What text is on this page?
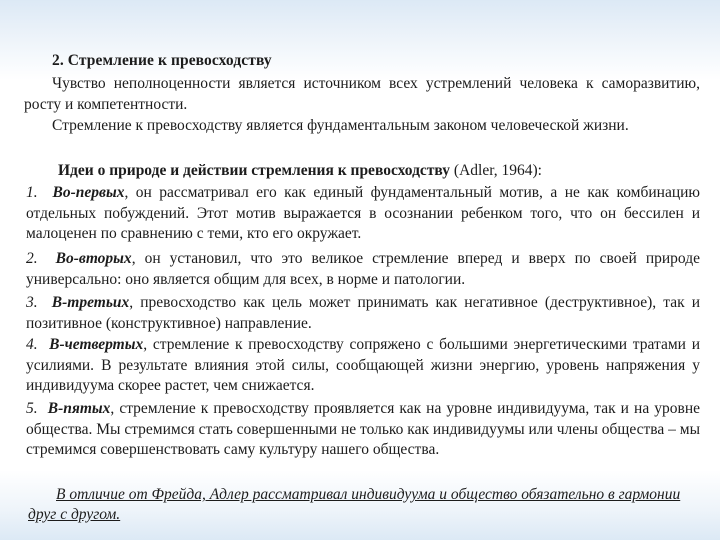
2. Стремление к превосходству
Чувство неполноценности является источником всех устремлений человека к саморазвитию, росту и компетентности.
Стремление к превосходству является фундаментальным законом человеческой жизни.
Идеи о природе и действии стремления к превосходству (Adler, 1964):
1. Во-первых, он рассматривал его как единый фундаментальный мотив, а не как комбинацию отдельных побуждений. Этот мотив выражается в осознании ребенком того, что он бессилен и малоценен по сравнению с теми, кто его окружает.
2. Во-вторых, он установил, что это великое стремление вперед и вверх по своей природе универсально: оно является общим для всех, в норме и патологии.
3. В-третьих, превосходство как цель может принимать как негативное (деструктивное), так и позитивное (конструктивное) направление.
4. В-четвертых, стремление к превосходству сопряжено с большими энергетическими тратами и усилиями. В результате влияния этой силы, сообщающей жизни энергию, уровень напряжения у индивидуума скорее растет, чем снижается.
5. В-пятых, стремление к превосходству проявляется как на уровне индивидуума, так и на уровне общества. Мы стремимся стать совершенными не только как индивидуумы или члены общества – мы стремимся совершенствовать саму культуру нашего общества.
В отличие от Фрейда, Адлер рассматривал индивидуума и общество обязательно в гармонии друг с другом.
